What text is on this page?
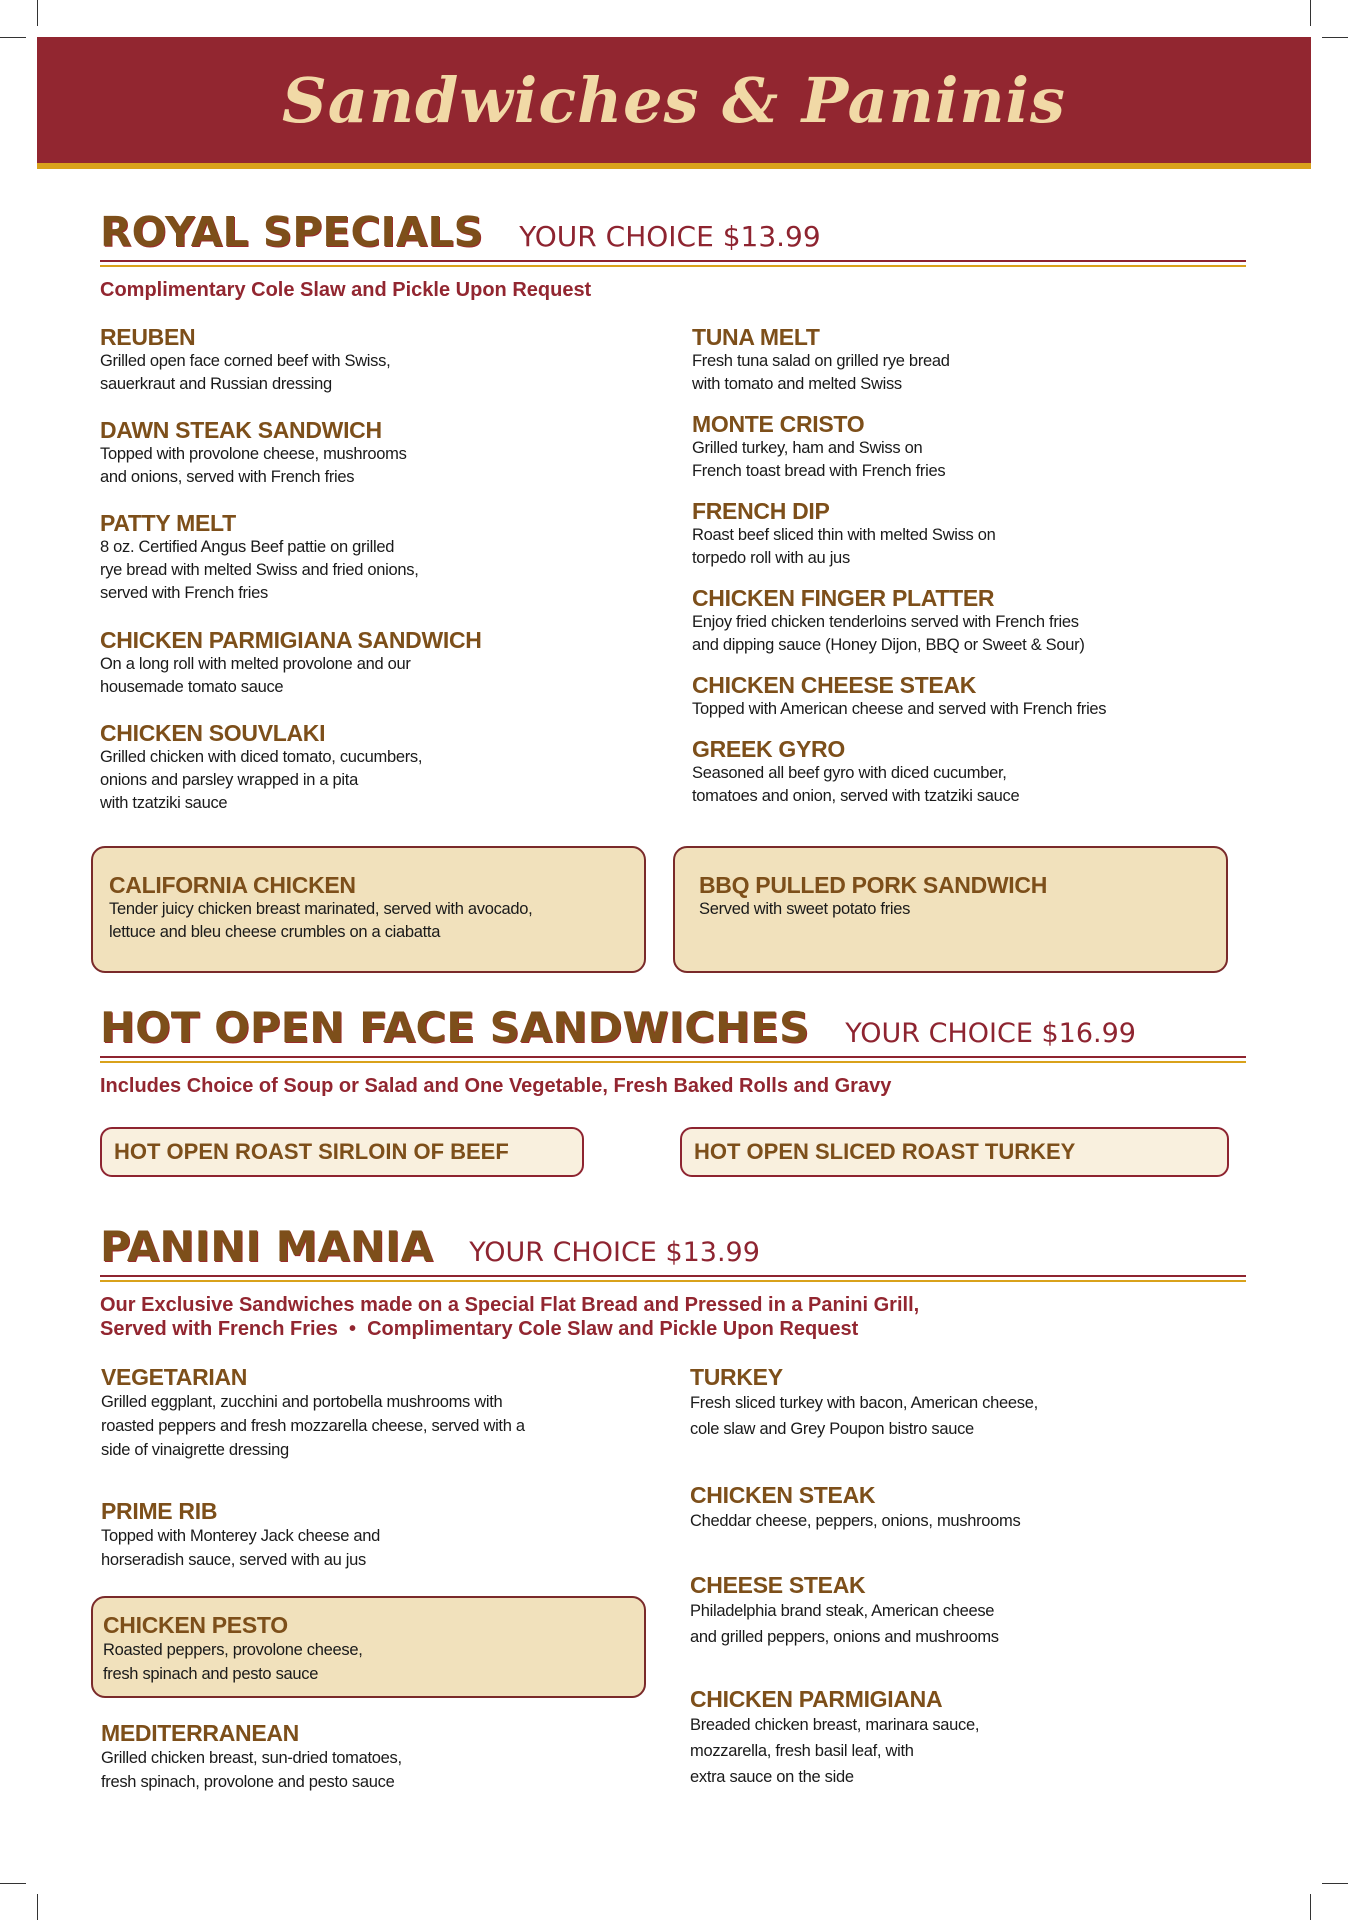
Sandwiches & Paninis
ROYAL SPECIALS YOUR CHOICE $13.99
Complimentary Cole Slaw and Pickle Upon Request
REUBEN
Grilled open face corned beef with Swiss,
sauerkraut and Russian dressing
DAWN STEAK SANDWICH
Topped with provolone cheese, mushrooms
and onions, served with French fries
PATTY MELT
8 oz. Certified Angus Beef pattie on grilled
rye bread with melted Swiss and fried onions,
served with French fries
CHICKEN PARMIGIANA SANDWICH
On a long roll with melted provolone and our
housemade tomato sauce
CHICKEN SOUVLAKI
Grilled chicken with diced tomato, cucumbers,
onions and parsley wrapped in a pita
with tzatziki sauce
TUNA MELT
Fresh tuna salad on grilled rye bread
with tomato and melted Swiss
MONTE CRISTO
Grilled turkey, ham and Swiss on
French toast bread with French fries
FRENCH DIP
Roast beef sliced thin with melted Swiss on
torpedo roll with au jus
CHICKEN FINGER PLATTER
Enjoy fried chicken tenderloins served with French fries
and dipping sauce (Honey Dijon, BBQ or Sweet & Sour)
CHICKEN CHEESE STEAK
Topped with American cheese and served with French fries
GREEK GYRO
Seasoned all beef gyro with diced cucumber,
tomatoes and onion, served with tzatziki sauce
CALIFORNIA CHICKEN
Tender juicy chicken breast marinated, served with avocado,
lettuce and bleu cheese crumbles on a ciabatta
BBQ PULLED PORK SANDWICH
Served with sweet potato fries
HOT OPEN FACE SANDWICHES YOUR CHOICE $16.99
Includes Choice of Soup or Salad and One Vegetable, Fresh Baked Rolls and Gravy
HOT OPEN ROAST SIRLOIN OF BEEF	HOT OPEN SLICED ROAST TURKEY
PANINI MANIA YOUR CHOICE $13.99
Our Exclusive Sandwiches made on a Special Flat Bread and Pressed in a Panini Grill,
Served with French Fries  •  Complimentary Cole Slaw and Pickle Upon Request
VEGETARIAN
Grilled eggplant, zucchini and portobella mushrooms with
roasted peppers and fresh mozzarella cheese, served with a
side of vinaigrette dressing
PRIME RIB
Topped with Monterey Jack cheese and
horseradish sauce, served with au jus
MEDITERRANEAN
Grilled chicken breast, sun-dried tomatoes,
fresh spinach, provolone and pesto sauce
CHICKEN PESTO
Roasted peppers, provolone cheese,
fresh spinach and pesto sauce
TURKEY
Fresh sliced turkey with bacon, American cheese,
cole slaw and Grey Poupon bistro sauce
CHICKEN STEAK
Cheddar cheese, peppers, onions, mushrooms
CHEESE STEAK
Philadelphia brand steak, American cheese
and grilled peppers, onions and mushrooms
CHICKEN PARMIGIANA
Breaded chicken breast, marinara sauce,
mozzarella, fresh basil leaf, with
extra sauce on the side
